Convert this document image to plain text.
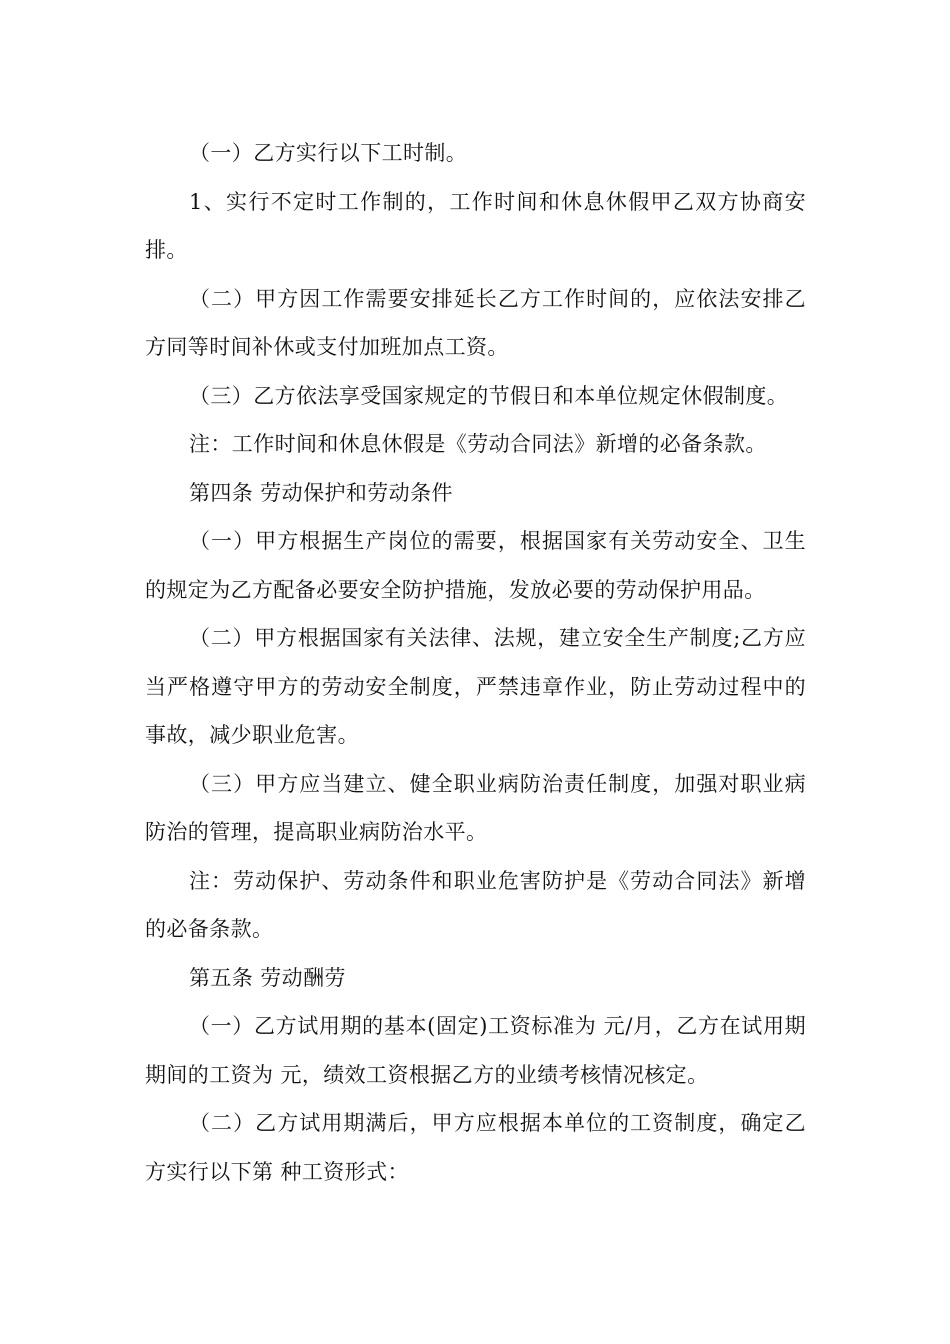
（一）乙方实行以下工时制。

1、实行不定时工作制的，工作时间和休息休假甲乙双方协商安排。

（二）甲方因工作需要安排延长乙方工作时间的，应依法安排乙方同等时间补休或支付加班加点工资。

（三）乙方依法享受国家规定的节假日和本单位规定休假制度。

注：工作时间和休息休假是《劳动合同法》新增的必备条款。

第四条 劳动保护和劳动条件

（一）甲方根据生产岗位的需要，根据国家有关劳动安全、卫生的规定为乙方配备必要安全防护措施，发放必要的劳动保护用品。

（二）甲方根据国家有关法律、法规，建立安全生产制度;乙方应当严格遵守甲方的劳动安全制度，严禁违章作业，防止劳动过程中的事故，减少职业危害。

（三）甲方应当建立、健全职业病防治责任制度，加强对职业病防治的管理，提高职业病防治水平。

注：劳动保护、劳动条件和职业危害防护是《劳动合同法》新增的必备条款。

第五条 劳动酬劳

（一）乙方试用期的基本(固定)工资标准为 元/月，乙方在试用期期间的工资为 元，绩效工资根据乙方的业绩考核情况核定。

（二）乙方试用期满后，甲方应根据本单位的工资制度，确定乙方实行以下第 种工资形式：
